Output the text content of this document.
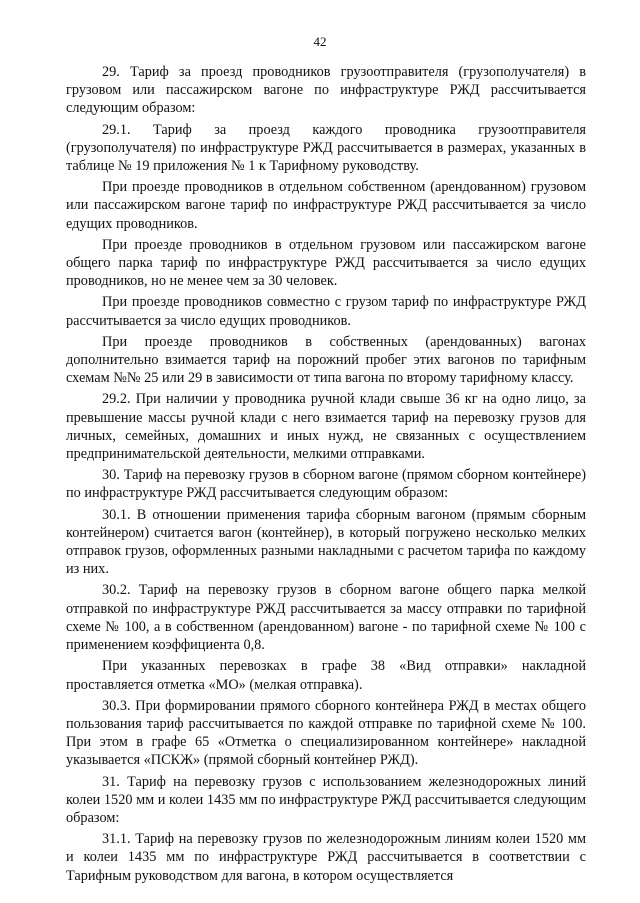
42

29. Тариф за проезд проводников грузоотправителя (грузополучателя) в грузовом или пассажирском вагоне по инфраструктуре РЖД рассчитывается следующим образом:

29.1. Тариф за проезд каждого проводника грузоотправителя (грузополучателя) по инфраструктуре РЖД рассчитывается в размерах, указанных в таблице № 19 приложения № 1 к Тарифному руководству.

При проезде проводников в отдельном собственном (арендованном) грузовом или пассажирском вагоне тариф по инфраструктуре РЖД рассчитывается за число едущих проводников.

При проезде проводников в отдельном грузовом или пассажирском вагоне общего парка тариф по инфраструктуре РЖД рассчитывается за число едущих проводников, но не менее чем за 30 человек.

При проезде проводников совместно с грузом тариф по инфраструктуре РЖД рассчитывается за число едущих проводников.

При проезде проводников в собственных (арендованных) вагонах дополнительно взимается тариф на порожний пробег этих вагонов по тарифным схемам №№ 25 или 29 в зависимости от типа вагона по второму тарифному классу.

29.2. При наличии у проводника ручной клади свыше 36 кг на одно лицо, за превышение массы ручной клади с него взимается тариф на перевозку грузов для личных, семейных, домашних и иных нужд, не связанных с осуществлением предпринимательской деятельности, мелкими отправками.

30. Тариф на перевозку грузов в сборном вагоне (прямом сборном контейнере) по инфраструктуре РЖД рассчитывается следующим образом:

30.1. В отношении применения тарифа сборным вагоном (прямым сборным контейнером) считается вагон (контейнер), в который погружено несколько мелких отправок грузов, оформленных разными накладными с расчетом тарифа по каждому из них.

30.2. Тариф на перевозку грузов в сборном вагоне общего парка мелкой отправкой по инфраструктуре РЖД рассчитывается за массу отправки по тарифной схеме № 100, а в собственном (арендованном) вагоне - по тарифной схеме № 100 с применением коэффициента 0,8.

При указанных перевозках в графе 38 «Вид отправки» накладной проставляется отметка «МО» (мелкая отправка).

30.3. При формировании прямого сборного контейнера РЖД в местах общего пользования тариф рассчитывается по каждой отправке по тарифной схеме № 100. При этом в графе 65 «Отметка о специализированном контейнере» накладной указывается «ПСКЖ» (прямой сборный контейнер РЖД).

31. Тариф на перевозку грузов с использованием железнодорожных линий колеи 1520 мм и колеи 1435 мм по инфраструктуре РЖД рассчитывается следующим образом:

31.1. Тариф на перевозку грузов по железнодорожным линиям колеи 1520 мм и колеи 1435 мм по инфраструктуре РЖД рассчитывается в соответствии с Тарифным руководством для вагона, в котором осуществляется
